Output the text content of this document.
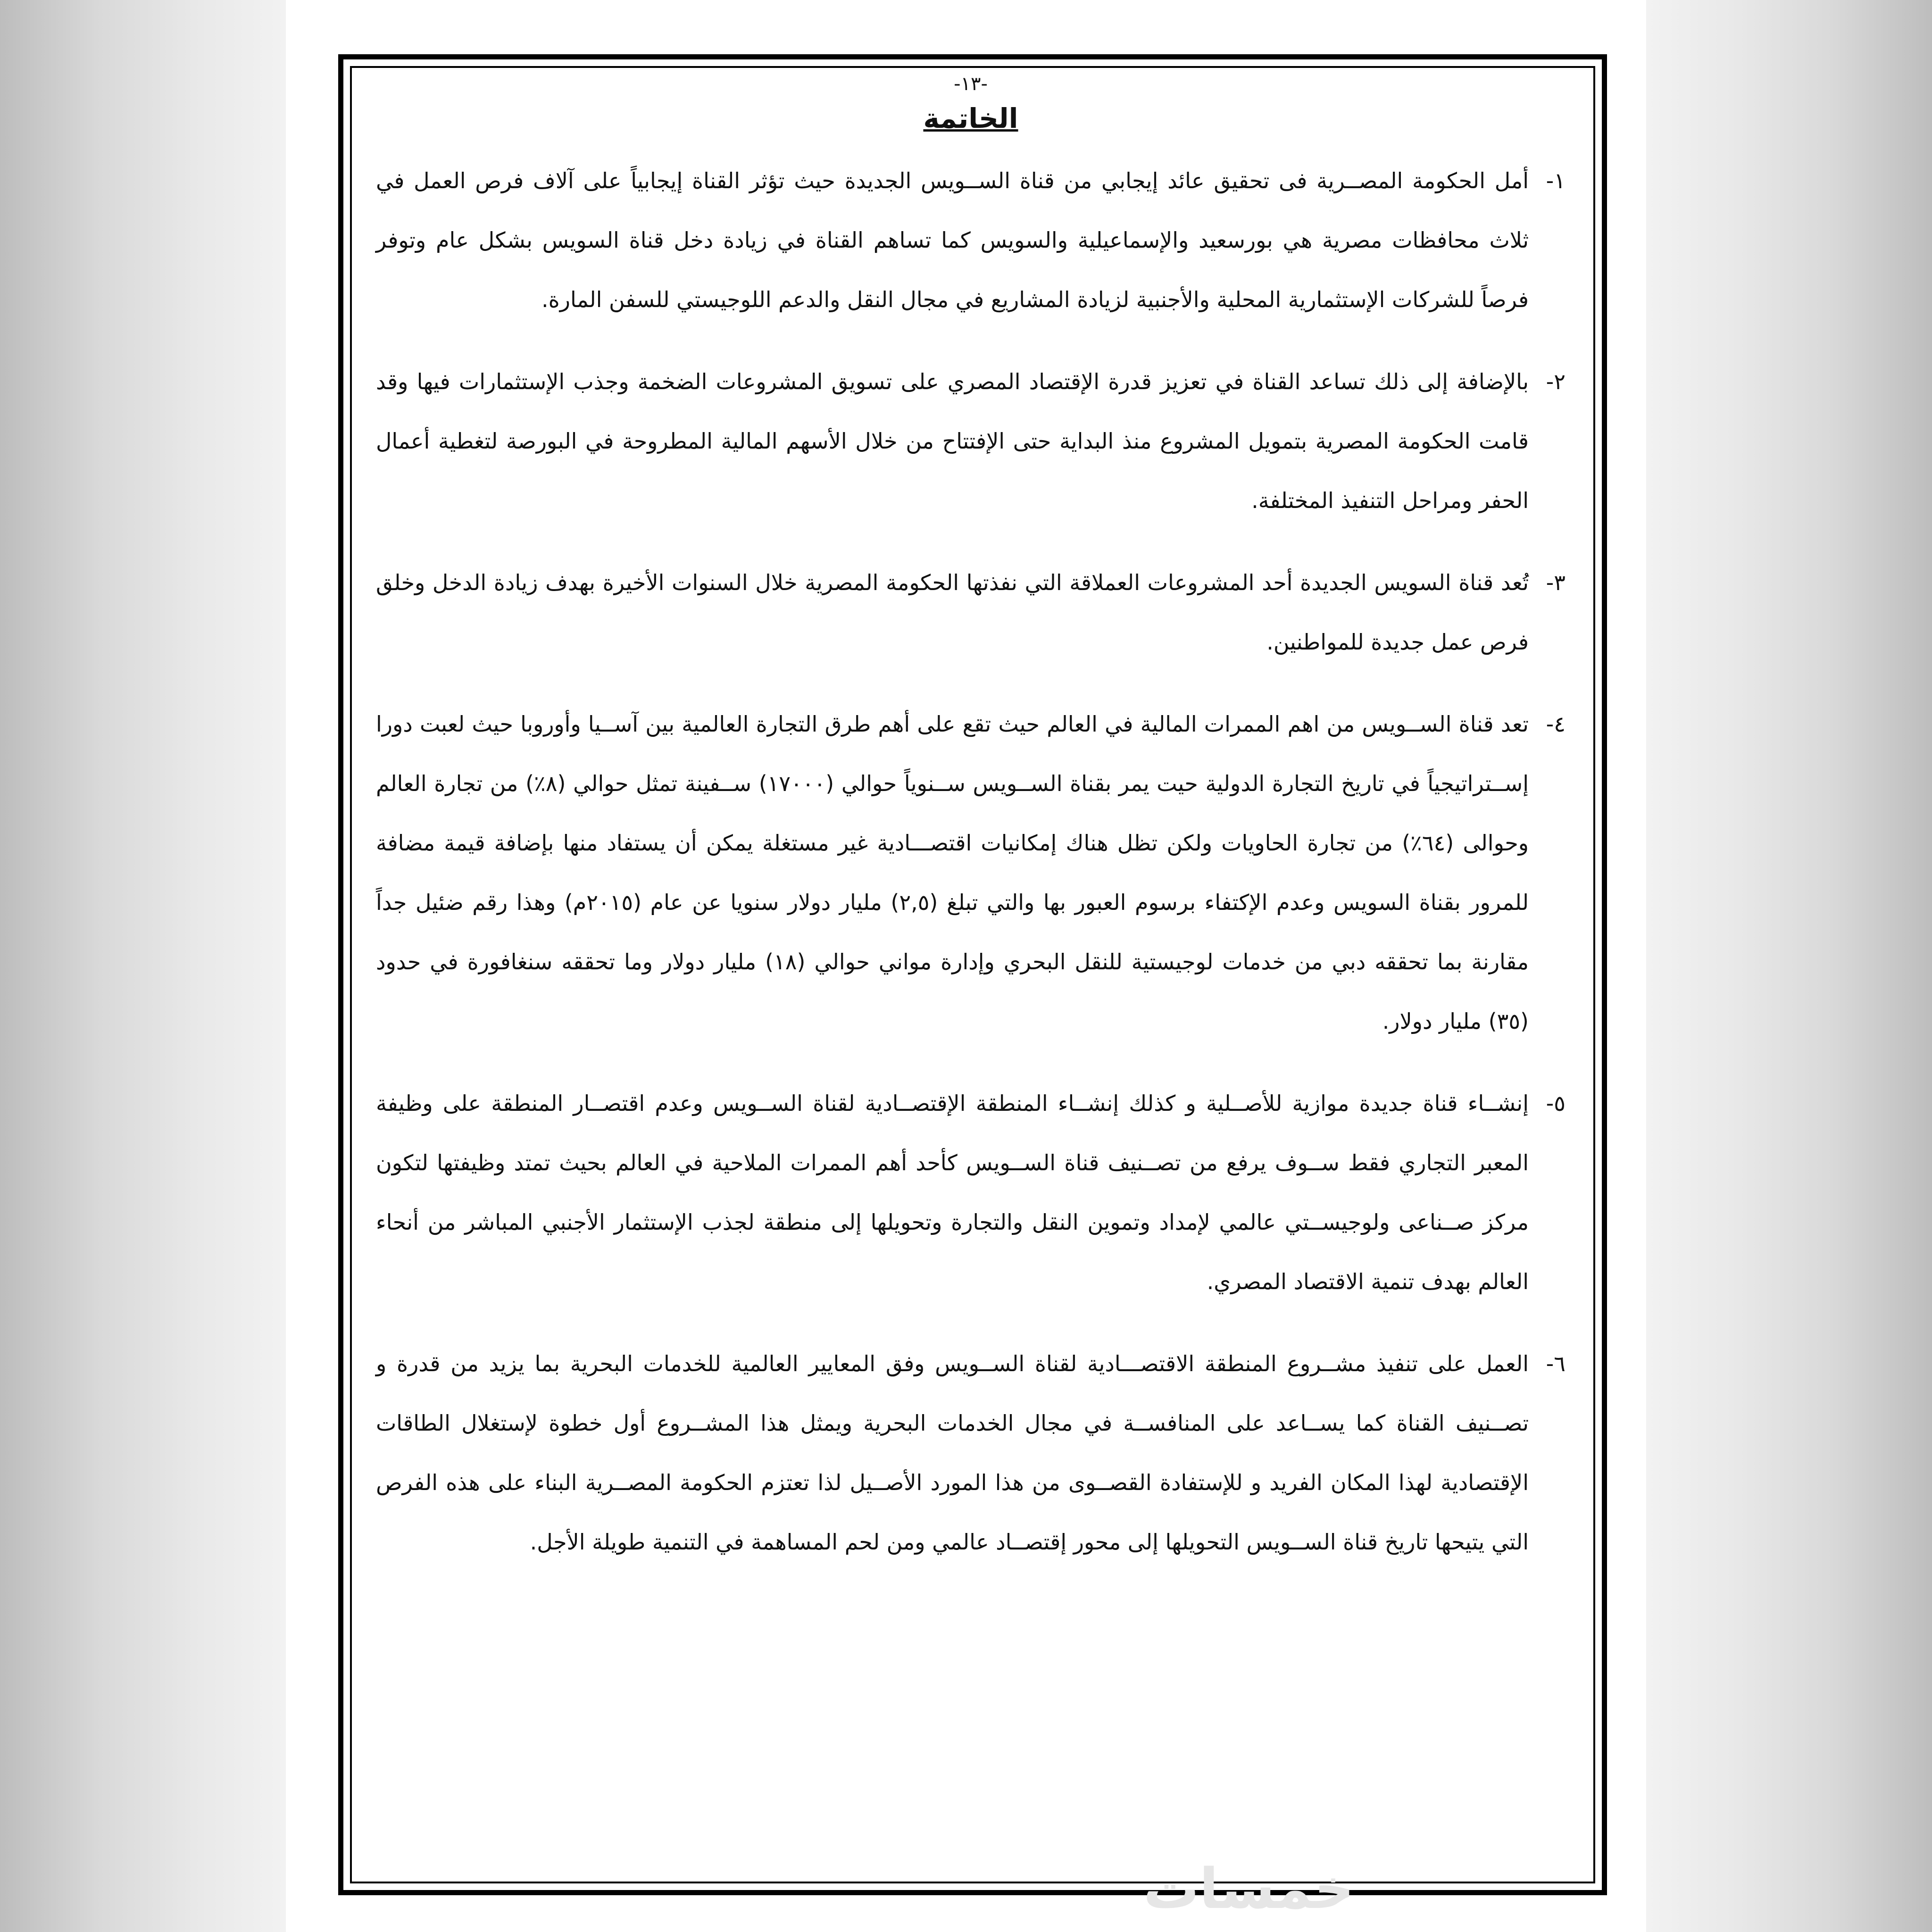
-١٣-
الخاتمة
١-
أمل الحكومة المصــرية فى تحقيق عائد إيجابي من قناة الســويس الجديدة حيث تؤثر القناة إيجابياً على آلاف فرص العمل في ثلاث محافظات مصرية هي بورسعيد والإسماعيلية والسويس كما تساهم القناة في زيادة دخل قناة السويس بشكل عام وتوفر فرصاً للشركات الإستثمارية المحلية والأجنبية لزيادة المشاريع في مجال النقل والدعم اللوجيستي للسفن المارة.
٢-
بالإضافة إلى ذلك تساعد القناة في تعزيز قدرة الإقتصاد المصري على تسويق المشروعات الضخمة وجذب الإستثمارات فيها وقد قامت الحكومة المصرية بتمويل المشروع منذ البداية حتى الإفتتاح من خلال الأسهم المالية المطروحة في البورصة لتغطية أعمال الحفر ومراحل التنفيذ المختلفة.
٣-
تُعد قناة السويس الجديدة أحد المشروعات العملاقة التي نفذتها الحكومة المصرية خلال السنوات الأخيرة بهدف زيادة الدخل وخلق فرص عمل جديدة للمواطنين.
٤-
تعد قناة الســويس من اهم الممرات المالية في العالم حيث تقع على أهم طرق التجارة العالمية بين آســيا وأوروبا حيث لعبت دورا إســتراتيجياً في تاريخ التجارة الدولية حيت يمر بقناة الســويس ســنوياً حوالي (١٧٠٠٠) ســفينة تمثل حوالي (٨٪) من تجارة العالم وحوالى (٦٤٪) من تجارة الحاويات ولكن تظل هناك إمكانيات اقتصـــادية غير مستغلة يمكن أن يستفاد منها بإضافة قيمة مضافة للمرور بقناة السويس وعدم الإكتفاء برسوم العبور بها والتي تبلغ (٢,٥) مليار دولار سنويا عن عام (٢٠١٥م) وهذا رقم ضئيل جداً مقارنة بما تحققه دبي من خدمات لوجيستية للنقل البحري وإدارة مواني حوالي (١٨) مليار دولار وما تحققه سنغافورة في حدود (٣٥) مليار دولار.
٥-
إنشــاء قناة جديدة موازية للأصــلية و كذلك إنشــاء المنطقة الإقتصــادية لقناة الســويس وعدم اقتصــار المنطقة على وظيفة المعبر التجاري فقط ســوف يرفع من تصــنيف قناة الســويس كأحد أهم الممرات الملاحية في العالم بحيث تمتد وظيفتها لتكون مركز صــناعى ولوجيســتي عالمي لإمداد وتموين النقل والتجارة وتحويلها إلى منطقة لجذب الإستثمار الأجنبي المباشر من أنحاء العالم بهدف تنمية الاقتصاد المصري.
٦-
العمل على تنفيذ مشــروع المنطقة الاقتصـــادية لقناة الســويس وفق المعايير العالمية للخدمات البحرية بما يزيد من قدرة و تصــنيف القناة كما يســاعد على المنافســة في مجال الخدمات البحرية ويمثل هذا المشــروع أول خطوة لإستغلال الطاقات الإقتصادية لهذا المكان الفريد و للإستفادة القصــوى من هذا المورد الأصــيل لذا تعتزم الحكومة المصــرية البناء على هذه الفرص التي يتيحها تاريخ قناة الســويس التحويلها إلى محور إقتصــاد عالمي ومن لحم المساهمة في التنمية طويلة الأجل.
خمسات
